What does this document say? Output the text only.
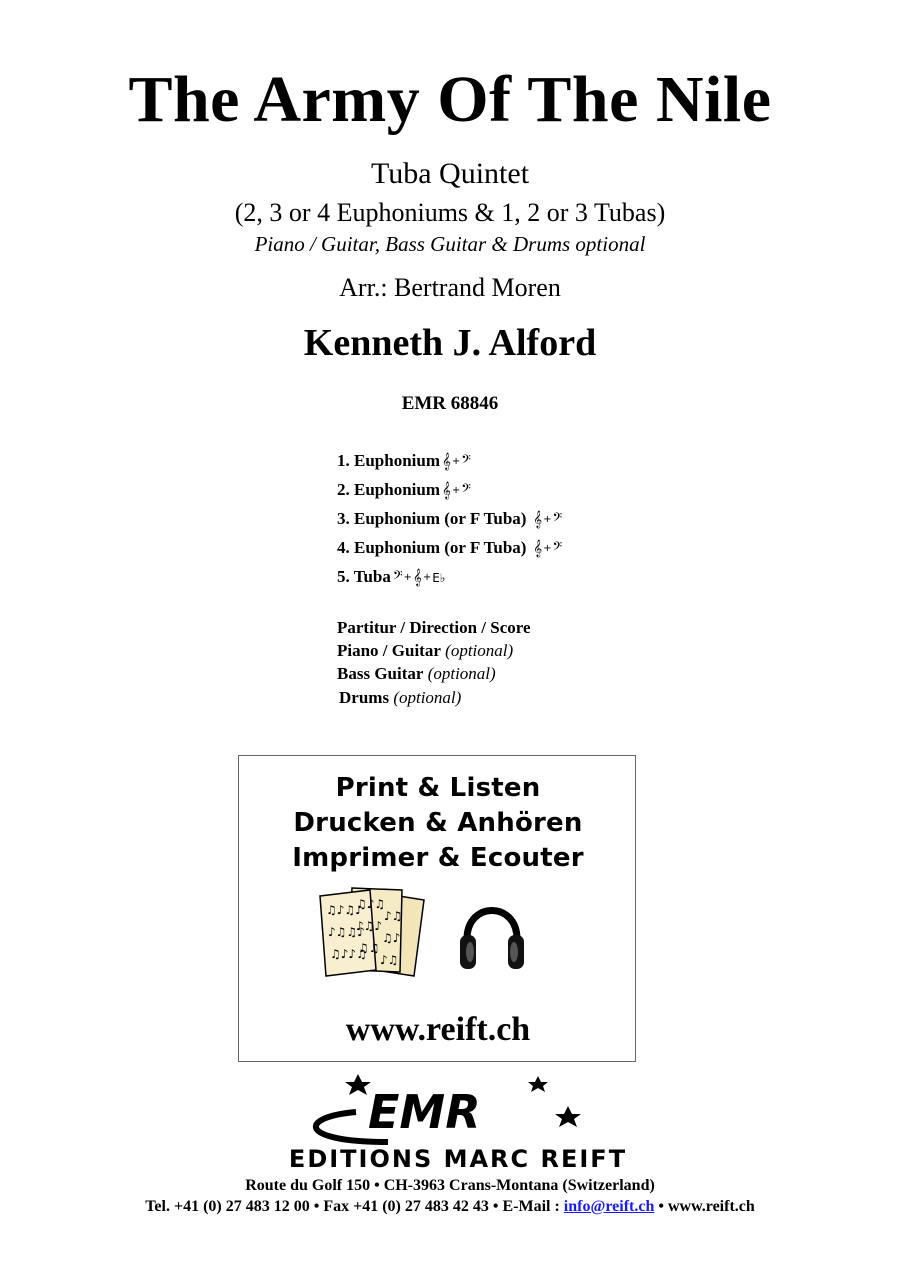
The Army Of The Nile
Tuba Quintet
(2, 3 or 4 Euphoniums & 1, 2 or 3 Tubas)
Piano / Guitar, Bass Guitar & Drums optional
Arr.: Bertrand Moren
Kenneth J. Alford
EMR 68846
1. Euphonium 𝄞+𝄢
2. Euphonium 𝄞+𝄢
3. Euphonium (or F Tuba) 𝄞+𝄢
4. Euphonium (or F Tuba) 𝄞+𝄢
5. Tuba 𝄢+𝄞+E♭
Partitur / Direction / Score
Piano / Guitar (optional)
Bass Guitar (optional)
Drums (optional)
Print & Listen
Drucken & Anhören
Imprimer & Ecouter
♫♪♫♪
♪♫♫♪
♫♪♪♫
♫♪♫
♪♫♪
♫♫
♪♫
♫♪
♪♫
www.reift.ch
EMR
EDITIONS MARC REIFT
Route du Golf 150 • CH-3963 Crans-Montana (Switzerland)
Tel. +41 (0) 27 483 12 00 • Fax +41 (0) 27 483 42 43 • E-Mail : info@reift.ch • www.reift.ch
